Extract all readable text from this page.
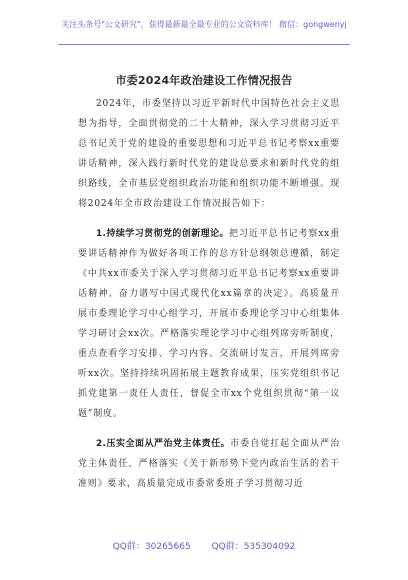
关注头条号"公文研究"，获得最新最全最专业的公文资料库！ 微信：gongwenyj
市委2024年政治建设工作情况报告

2024年，市委坚持以习近平新时代中国特色社会主义思想为指导，全面贯彻党的二十大精神，深入学习贯彻习近平总书记关于党的建设的重要思想和习近平总书记考察xx重要讲话精神，深入践行新时代党的建设总要求和新时代党的组织路线，全市基层党组织政治功能和组织功能不断增强。现将2024年全市政治建设工作情况报告如下：

1.持续学习贯彻党的创新理论。把习近平总书记考察xx重要讲话精神作为做好各项工作的总方针总纲领总遵循，制定《中共xx市委关于深入学习贯彻习近平总书记考察xx重要讲话精神、奋力谱写中国式现代化xx篇章的决定》。高质量开展市委理论学习中心组学习，开展市委理论学习中心组集体学习研讨会xx次。严格落实理论学习中心组列席旁听制度，重点查看学习安排、学习内容、交流研讨发言，开展列席旁听xx次。坚持持续巩固拓展主题教育成果，压实党组织书记抓党建第一责任人责任，督促全市xx个党组织贯彻“第一议题”制度。

2.压实全面从严治党主体责任。市委自觉扛起全面从严治党主体责任，严格落实《关于新形势下党内政治生活的若干准则》要求，高质量完成市委常委班子学习贯彻习近

QQ群：30265665 QQ群：535304092
